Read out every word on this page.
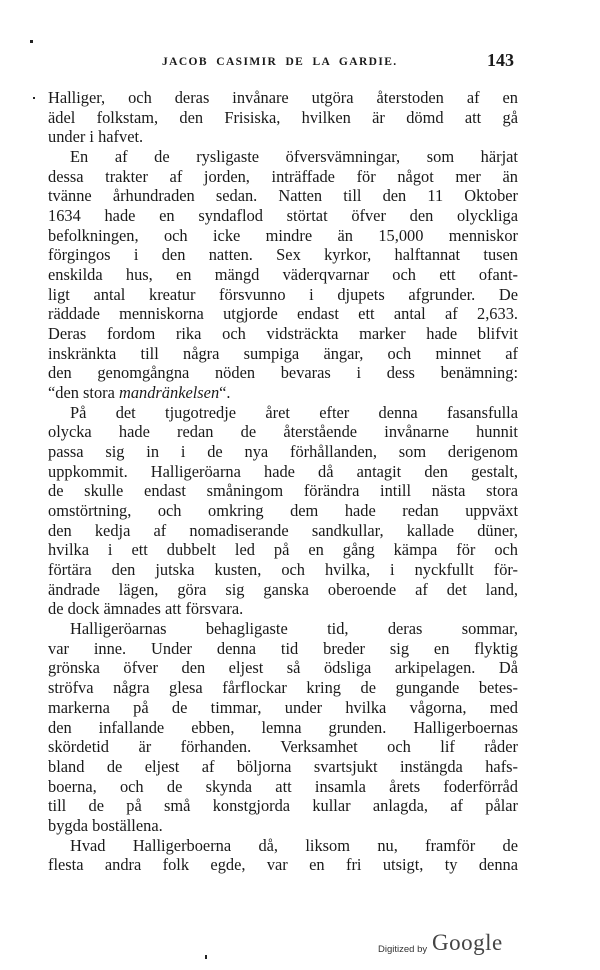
JACOB CASIMIR DE LA GARDIE.	143
Halliger, och deras invånare utgöra återstoden af en
ädel folkstam, den Frisiska, hvilken är dömd att gå
under i hafvet.
En af de rysligaste öfversvämningar, som härjat
dessa trakter af jorden, inträffade för något mer än
tvänne århundraden sedan. Natten till den 11 Oktober
1634 hade en syndaflod störtat öfver den olyckliga
befolkningen, och icke mindre än 15,000 menniskor
förgingos i den natten. Sex kyrkor, halftannat tusen
enskilda hus, en mängd väderqvarnar och ett ofant-
ligt antal kreatur försvunno i djupets afgrunder. De
räddade menniskorna utgjorde endast ett antal af 2,633.
Deras fordom rika och vidsträckta marker hade blifvit
inskränkta till några sumpiga ängar, och minnet af
den genomgångna nöden bevaras i dess benämning:
“den stora mandränkelsen“.
På det tjugotredje året efter denna fasansfulla
olycka hade redan de återstående invånarne hunnit
passa sig in i de nya förhållanden, som derigenom
uppkommit. Halligeröarna hade då antagit den gestalt,
de skulle endast småningom förändra intill nästa stora
omstörtning, och omkring dem hade redan uppväxt
den kedja af nomadiserande sandkullar, kallade düner,
hvilka i ett dubbelt led på en gång kämpa för och
förtära den jutska kusten, och hvilka, i nyckfullt för-
ändrade lägen, göra sig ganska oberoende af det land,
de dock ämnades att försvara.
Halligeröarnas behagligaste tid, deras sommar,
var inne. Under denna tid breder sig en flyktig
grönska öfver den eljest så ödsliga arkipelagen. Då
ströfva några glesa fårflockar kring de gungande betes-
markerna på de timmar, under hvilka vågorna, med
den infallande ebben, lemna grunden. Halligerboernas
skördetid är förhanden. Verksamhet och lif råder
bland de eljest af böljorna svartsjukt instängda hafs-
boerna, och de skynda att insamla årets foderförråd
till de på små konstgjorda kullar anlagda, af pålar
bygda boställena.
Hvad Halligerboerna då, liksom nu, framför de
flesta andra folk egde, var en fri utsigt, ty denna
Digitized by Google
